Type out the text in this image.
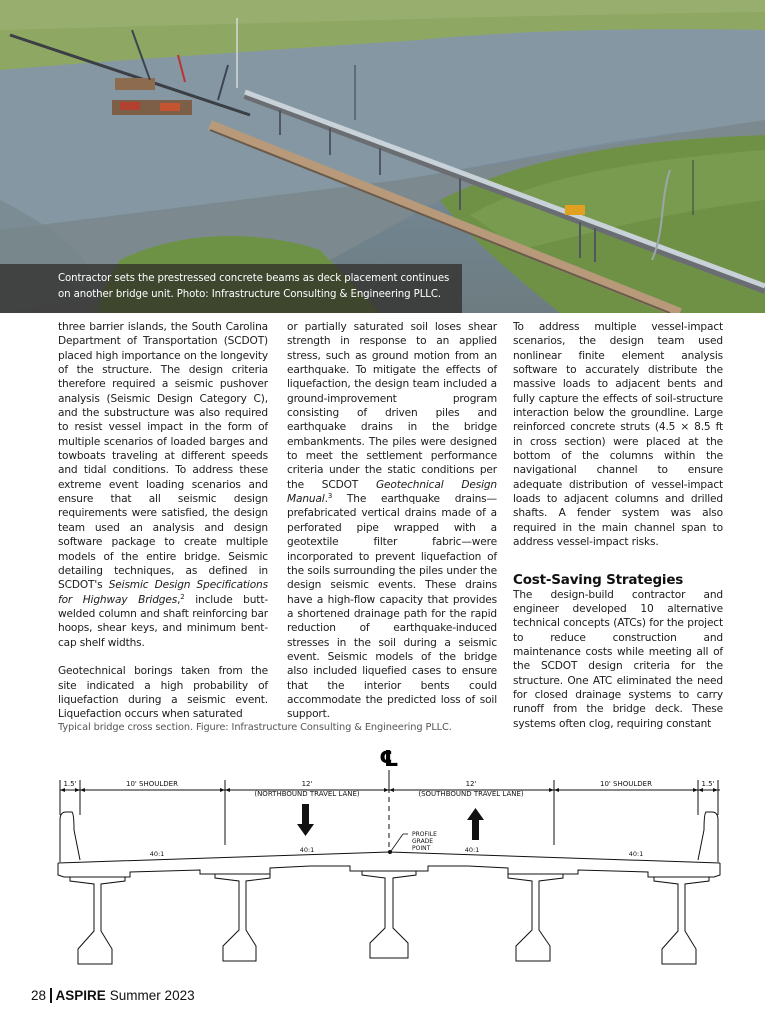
Contractor sets the prestressed concrete beams as deck placement continues on another bridge unit. Photo: Infrastructure Consulting & Engineering PLLC.

three barrier islands, the South Carolina Department of Transportation (SCDOT) placed high importance on the longevity of the structure. The design criteria therefore required a seismic pushover analysis (Seismic Design Category C), and the substructure was also required to resist vessel impact in the form of multiple scenarios of loaded barges and towboats traveling at different speeds and tidal conditions. To address these extreme event loading scenarios and ensure that all seismic design requirements were satisfied, the design team used an analysis and design software package to create multiple models of the entire bridge. Seismic detailing techniques, as defined in SCDOT's Seismic Design Specifications for Highway Bridges,$^2$ include butt-welded column and shaft reinforcing bar hoops, shear keys, and minimum bent-cap shelf widths.

Geotechnical borings taken from the site indicated a high probability of liquefaction during a seismic event. Liquefaction occurs when saturated

or partially saturated soil loses shear strength in response to an applied stress, such as ground motion from an earthquake. To mitigate the effects of liquefaction, the design team included a ground-improvement program consisting of driven piles and earthquake drains in the bridge embankments. The piles were designed to meet the settlement performance criteria under the static conditions per the SCDOT Geotechnical Design Manual.$^3$ The earthquake drains—prefabricated vertical drains made of a perforated pipe wrapped with a geotextile filter fabric—were incorporated to prevent liquefaction of the soils surrounding the piles under the design seismic events. These drains have a high-flow capacity that provides a shortened drainage path for the rapid reduction of earthquake-induced stresses in the soil during a seismic event. Seismic models of the bridge also included liquefied cases to ensure that the interior bents could accommodate the predicted loss of soil support.

To address multiple vessel-impact scenarios, the design team used nonlinear finite element analysis software to accurately distribute the massive loads to adjacent bents and fully capture the effects of soil-structure interaction below the groundline. Large reinforced concrete struts (4.5 × 8.5 ft in cross section) were placed at the bottom of the columns within the navigational channel to ensure adequate distribution of vessel-impact loads to adjacent columns and drilled shafts. A fender system was also required in the main channel span to address vessel-impact risks.

Cost-Saving Strategies

The design-build contractor and engineer developed 10 alternative technical concepts (ATCs) for the project to reduce construction and maintenance costs while meeting all of the SCDOT design criteria for the structure. One ATC eliminated the need for closed drainage systems to carry runoff from the bridge deck. These systems often clog, requiring constant

Typical bridge cross section. Figure: Infrastructure Consulting & Engineering PLLC.
℄
1.5'	10' SHOULDER	12'
(NORTHBOUND TRAVEL LANE)
12'
(SOUTHBOUND TRAVEL LANE)
10' SHOULDER	1.5'
PROFILE
GRADE
POINT
40:1	40:1	40:1	40:1
28 ASPIRE Summer 2023
